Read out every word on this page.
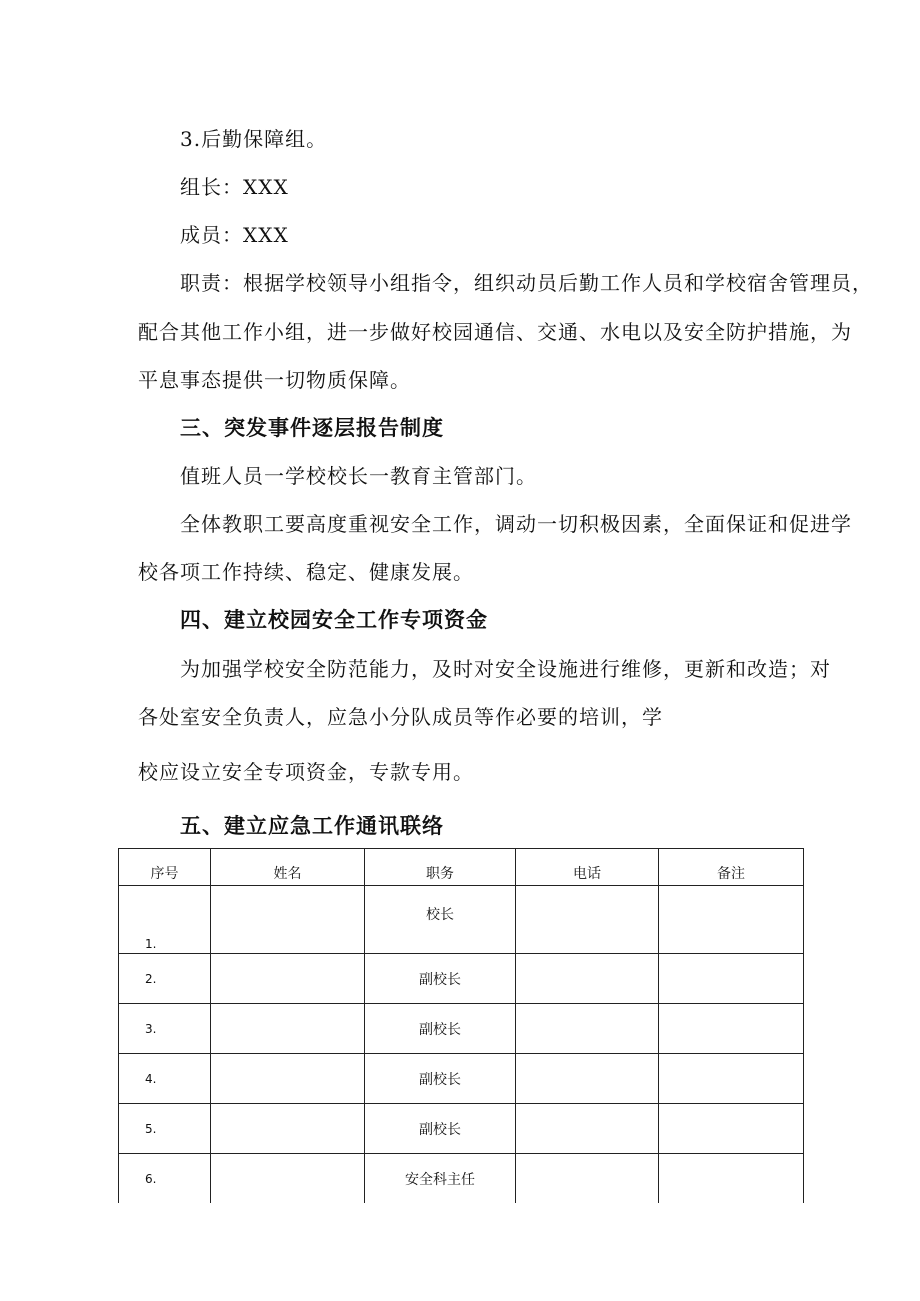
3.后勤保障组。
组长：XXX
成员：XXX
职责：根据学校领导小组指令，组织动员后勤工作人员和学校宿舍管理员，
配合其他工作小组，进一步做好校园通信、交通、水电以及安全防护措施，为
平息事态提供一切物质保障。
三、突发事件逐层报告制度
值班人员一学校校长一教育主管部门。
全体教职工要高度重视安全工作，调动一切积极因素，全面保证和促进学
校各项工作持续、稳定、健康发展。
四、建立校园安全工作专项资金
为加强学校安全防范能力，及时对安全设施进行维修，更新和改造；对
各处室安全负责人，应急小分队成员等作必要的培训，学
校应设立安全专项资金，专款专用。
五、建立应急工作通讯联络
序号	姓名	职务	电话	备注
1.		校长		
2.		副校长		
3.		副校长		
4.		副校长		
5.		副校长		
6.		安全科主任		
